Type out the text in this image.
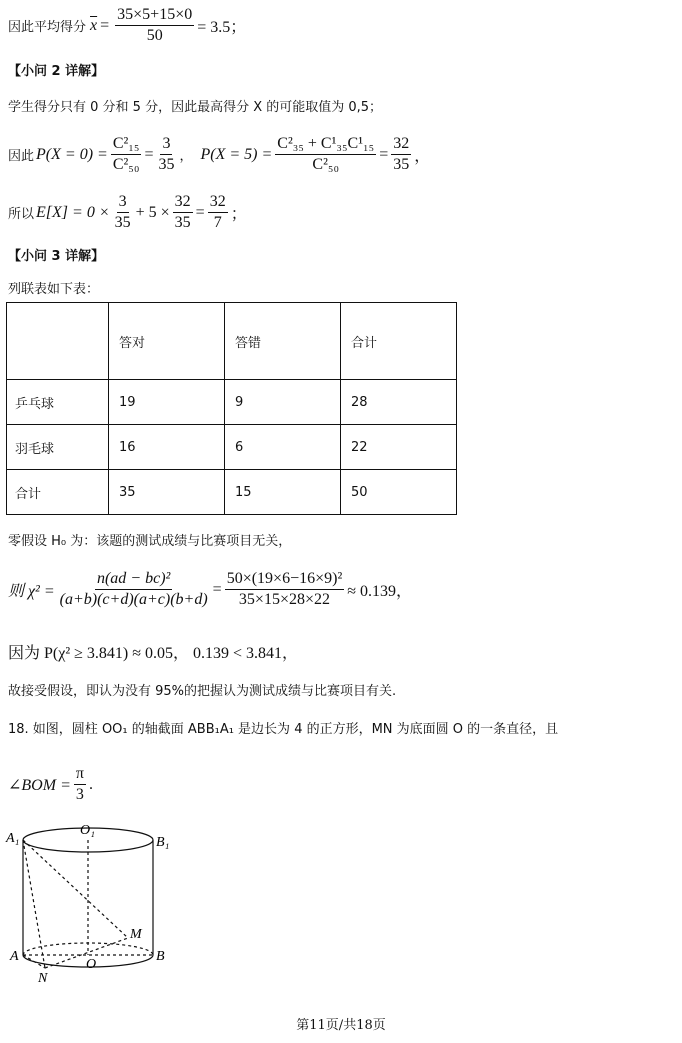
因此平均得分 $\overline{x} = \frac{35\times 5+15\times 0}{50} = 3.5$；
【小问 2 详解】
学生得分只有 0 分和 5 分，因此最高得分 X 的可能取值为 0,5；
因此 $P(X = 0) = \frac{\text{C²₁₅}}{\text{C²₅₀}} = \frac{3}{35}$ ， $P(X = 5) = \frac{\text{C²₃₅ + C¹₃₅C¹₁₅}}{\text{C²₅₀}} = \frac{32}{35}$ ，
所以 $E[X] = 0 \times \frac{3}{35} + 5 \times \frac{32}{35} = \frac{32}{7}$ ；
【小问 3 详解】
列联表如下表：
	答对	答错	合计
乒乓球	19	9	28
羽毛球	16	6	22
合计	35	15	50
零假设 H₀ 为：该题的测试成绩与比赛项目无关，
则 $\chi^2 = \frac{\text{n(ad − bc)²}}{(a+b)(c+d)(a+c)(b+d)} = \frac{\text{50×(19×6−16×9)²}}{35\times 15\times 28\times 22} \approx 0.139$，
因为 P(χ² ≥ 3.841) ≈ 0.05， 0.139 < 3.841，
故接受假设，即认为没有 95%的把握认为测试成绩与比赛项目有关.
18. 如图，圆柱 OO₁ 的轴截面 ABB₁A₁ 是边长为 4 的正方形，MN 为底面圆 O 的一条直径，且
∠BOM = $\frac{\pi}{3}$ .
A₁
O₁
B₁
M
A	B
O
N
第11页/共18页
